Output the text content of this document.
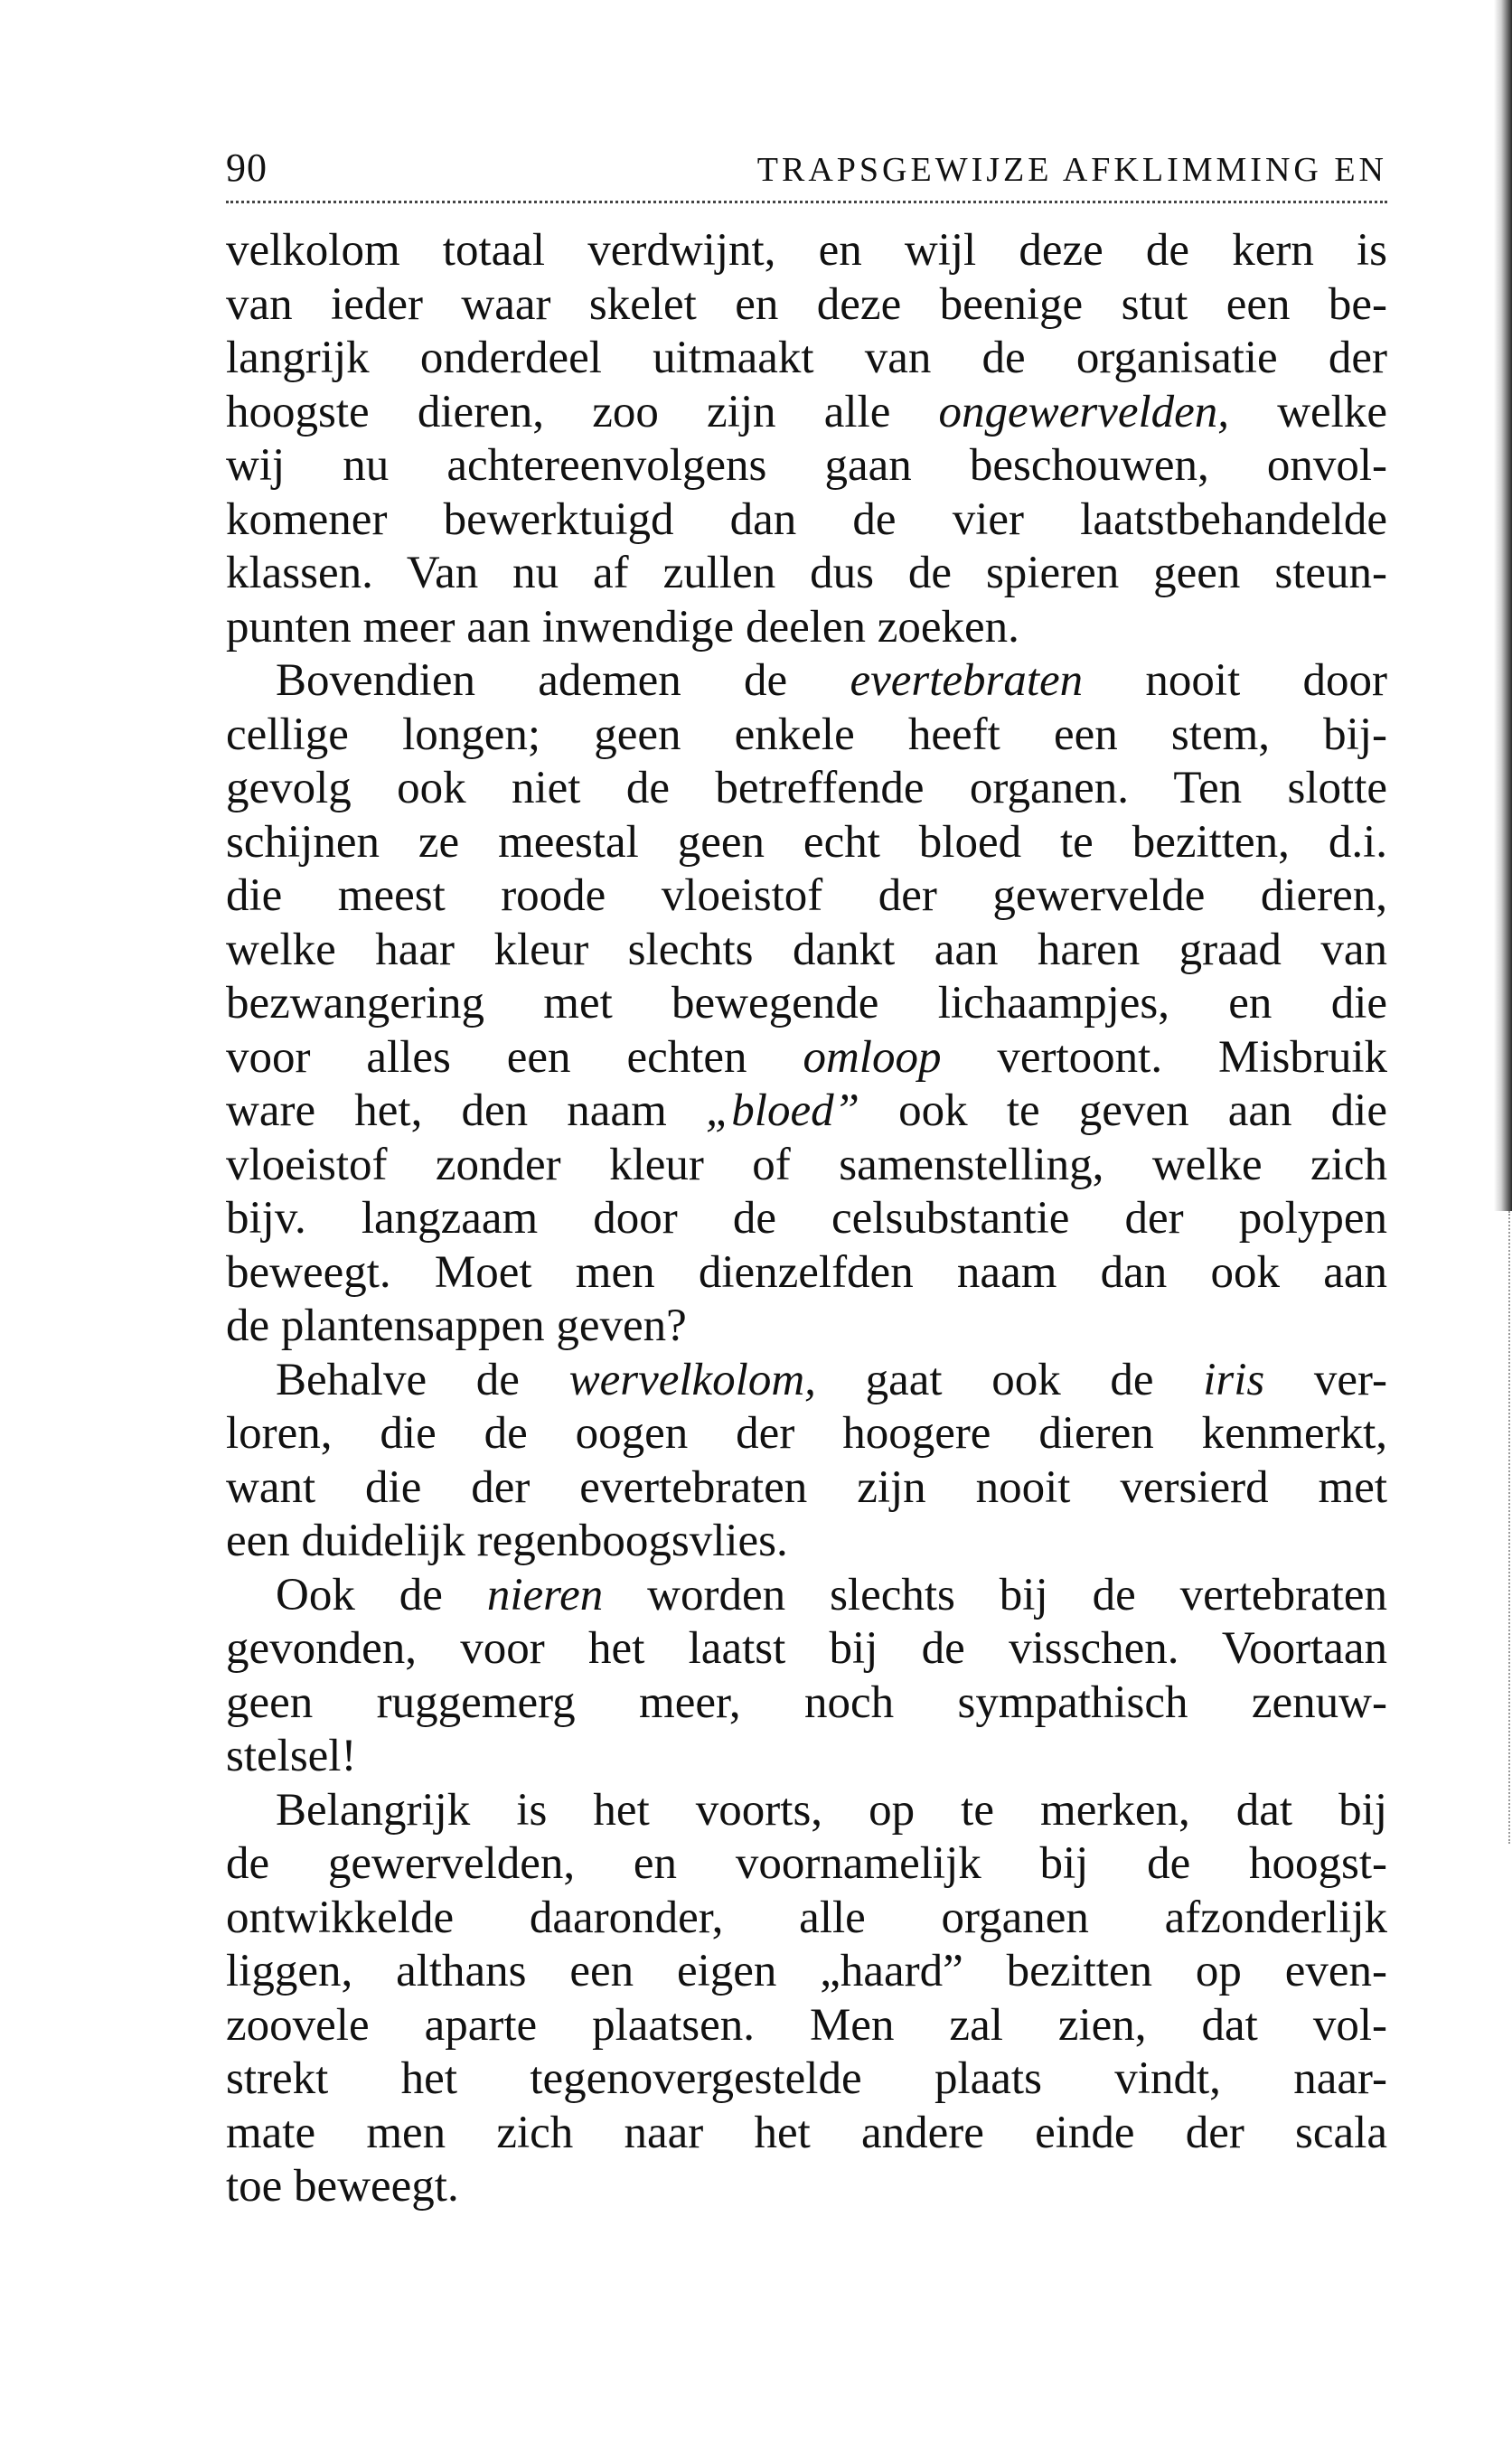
90	TRAPSGEWIJZE AFKLIMMING EN
velkolom totaal verdwijnt, en wijl deze de kern is
van ieder waar skelet en deze beenige stut een be-
langrijk onderdeel uitmaakt van de organisatie der
hoogste dieren, zoo zijn alle ongewervelden, welke
wij nu achtereenvolgens gaan beschouwen, onvol-
komener bewerktuigd dan de vier laatstbehandelde
klassen. Van nu af zullen dus de spieren geen steun-
punten meer aan inwendige deelen zoeken.
Bovendien ademen de evertebraten nooit door
cellige longen; geen enkele heeft een stem, bij-
gevolg ook niet de betreffende organen. Ten slotte
schijnen ze meestal geen echt bloed te bezitten, d.i.
die meest roode vloeistof der gewervelde dieren,
welke haar kleur slechts dankt aan haren graad van
bezwangering met bewegende lichaampjes, en die
voor alles een echten omloop vertoont. Misbruik
ware het, den naam „bloed” ook te geven aan die
vloeistof zonder kleur of samenstelling, welke zich
bijv. langzaam door de celsubstantie der polypen
beweegt. Moet men dienzelfden naam dan ook aan
de plantensappen geven?
Behalve de wervelkolom, gaat ook de iris ver-
loren, die de oogen der hoogere dieren kenmerkt,
want die der evertebraten zijn nooit versierd met
een duidelijk regenboogsvlies.
Ook de nieren worden slechts bij de vertebraten
gevonden, voor het laatst bij de visschen. Voortaan
geen ruggemerg meer, noch sympathisch zenuw-
stelsel!
Belangrijk is het voorts, op te merken, dat bij
de gewervelden, en voornamelijk bij de hoogst-
ontwikkelde daaronder, alle organen afzonderlijk
liggen, althans een eigen „haard” bezitten op even-
zoovele aparte plaatsen. Men zal zien, dat vol-
strekt het tegenovergestelde plaats vindt, naar-
mate men zich naar het andere einde der scala
toe beweegt.
